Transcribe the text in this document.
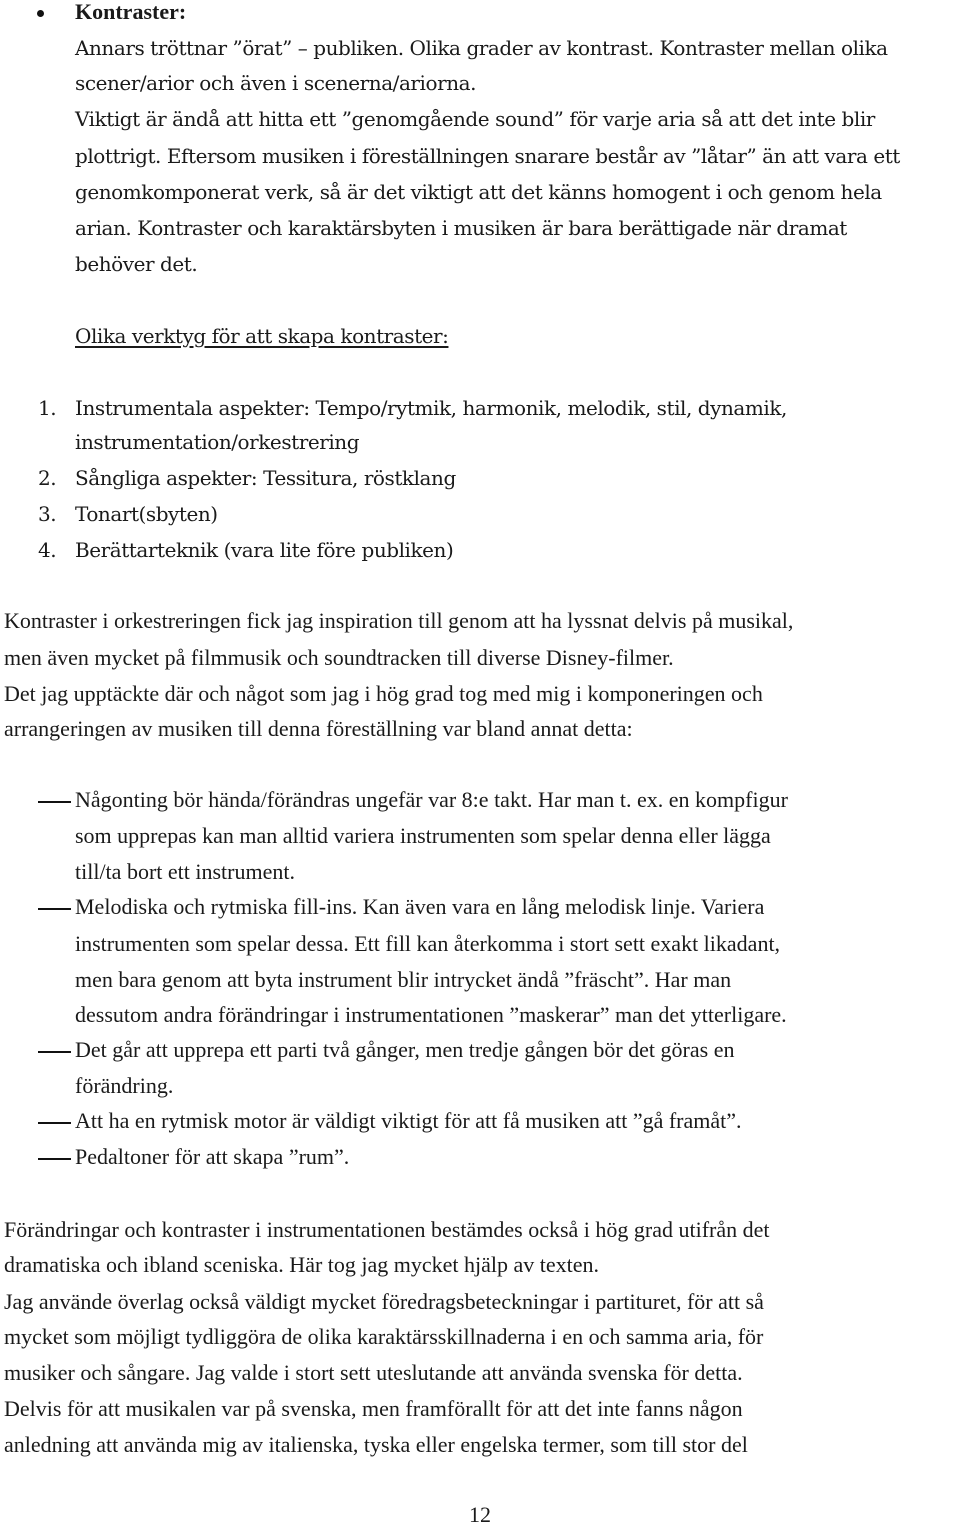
Kontraster:
Annars tröttnar ”örat” – publiken. Olika grader av kontrast. Kontraster mellan olika
scener/arior och även i scenerna/ariorna.
Viktigt är ändå att hitta ett ”genomgående sound” för varje aria så att det inte blir
plottrigt. Eftersom musiken i föreställningen snarare består av ”låtar” än att vara ett
genomkomponerat verk, så är det viktigt att det känns homogent i och genom hela
arian. Kontraster och karaktärsbyten i musiken är bara berättigade när dramat
behöver det.
Olika verktyg för att skapa kontraster:
1. Instrumentala aspekter: Tempo/rytmik, harmonik, melodik, stil, dynamik,
instrumentation/orkestrering
2. Sångliga aspekter: Tessitura, röstklang
3. Tonart(sbyten)
4. Berättarteknik (vara lite före publiken)
Kontraster i orkestreringen fick jag inspiration till genom att ha lyssnat delvis på musikal,
men även mycket på filmmusik och soundtracken till diverse Disney-filmer.
Det jag upptäckte där och något som jag i hög grad tog med mig i komponeringen och
arrangeringen av musiken till denna föreställning var bland annat detta:
Någonting bör hända/förändras ungefär var 8:e takt. Har man t. ex. en kompfigur
som upprepas kan man alltid variera instrumenten som spelar denna eller lägga
till/ta bort ett instrument.
Melodiska och rytmiska fill-ins. Kan även vara en lång melodisk linje. Variera
instrumenten som spelar dessa. Ett fill kan återkomma i stort sett exakt likadant,
men bara genom att byta instrument blir intrycket ändå ”fräscht”. Har man
dessutom andra förändringar i instrumentationen ”maskerar” man det ytterligare.
Det går att upprepa ett parti två gånger, men tredje gången bör det göras en
förändring.
Att ha en rytmisk motor är väldigt viktigt för att få musiken att ”gå framåt”.
Pedaltoner för att skapa ”rum”.
Förändringar och kontraster i instrumentationen bestämdes också i hög grad utifrån det
dramatiska och ibland sceniska. Här tog jag mycket hjälp av texten.
Jag använde överlag också väldigt mycket föredragsbeteckningar i partituret, för att så
mycket som möjligt tydliggöra de olika karaktärsskillnaderna i en och samma aria, för
musiker och sångare. Jag valde i stort sett uteslutande att använda svenska för detta.
Delvis för att musikalen var på svenska, men framförallt för att det inte fanns någon
anledning att använda mig av italienska, tyska eller engelska termer, som till stor del
12
